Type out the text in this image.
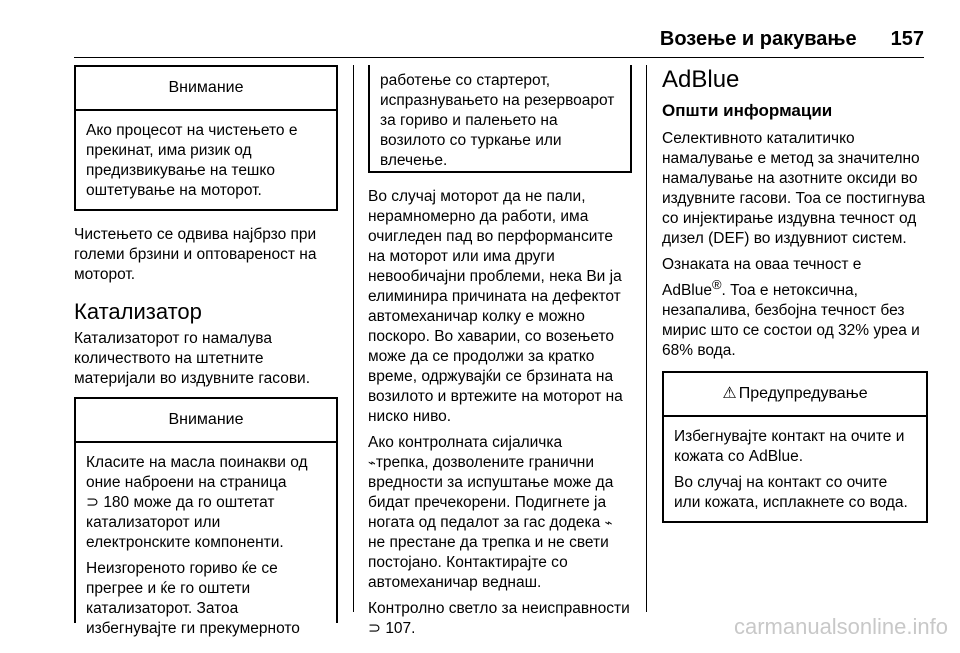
Возење и ракување 157
Внимание

Ако процесот на чистењето е прекинат, има ризик од предизвикување на тешко оштетување на моторот.

Чистењето се одвива најбрзо при големи брзини и оптовареност на моторот.

Катализатор

Катализаторот го намалува количеството на штетните материјали во издувните гасови.

Внимание

Класите на масла поинакви од оние наброени на страница
⊃ 180 може да го оштетат катализаторот или електронските компоненти.

Неизгореното гориво ќе се прегрее и ќе го оштети катализаторот. Затоа избегнувајте ги прекумерното

работење со стартерот, испразнувањето на резервоарот за гориво и палењето на возилото со туркање или влечење.

Во случај моторот да не пали, нерамномерно да работи, има очигледен пад во перформансите на моторот или има други невообичајни проблеми, нека Ви ја елиминира причината на дефектот автомеханичар колку е можно поскоро. Во хаварии, со возењето може да се продолжи за кратко време, одржувајќи се брзината на возилото и вртежите на моторот на ниско ниво.

Ако контролната сијаличка
⌁трепка, дозволените гранични вредности за испуштање може да бидат пречекорени. Подигнете ја ногата од педалот за гас додека ⌁ не престане да трепка и не свети постојано. Контактирајте со автомеханичар веднаш.

Контролно светло за неисправности ⊃ 107.

AdBlue
Општи информации

Селективното каталитичко намалување е метод за значително намалување на азотните оксиди во издувните гасови. Тоа се постигнува со инјектирање издувна течност од дизел (DEF) во издувниот систем.

Ознаката на оваа течност е AdBlue®. Тоа е нетоксична, незапалива, безбојна течност без мирис што се состои од 32% уреа и 68% вода.

⚠ Предупредување

Избегнувајте контакт на очите и кожата со AdBlue.

Во случај на контакт со очите или кожата, исплакнете со вода.

carmanualsonline.info
